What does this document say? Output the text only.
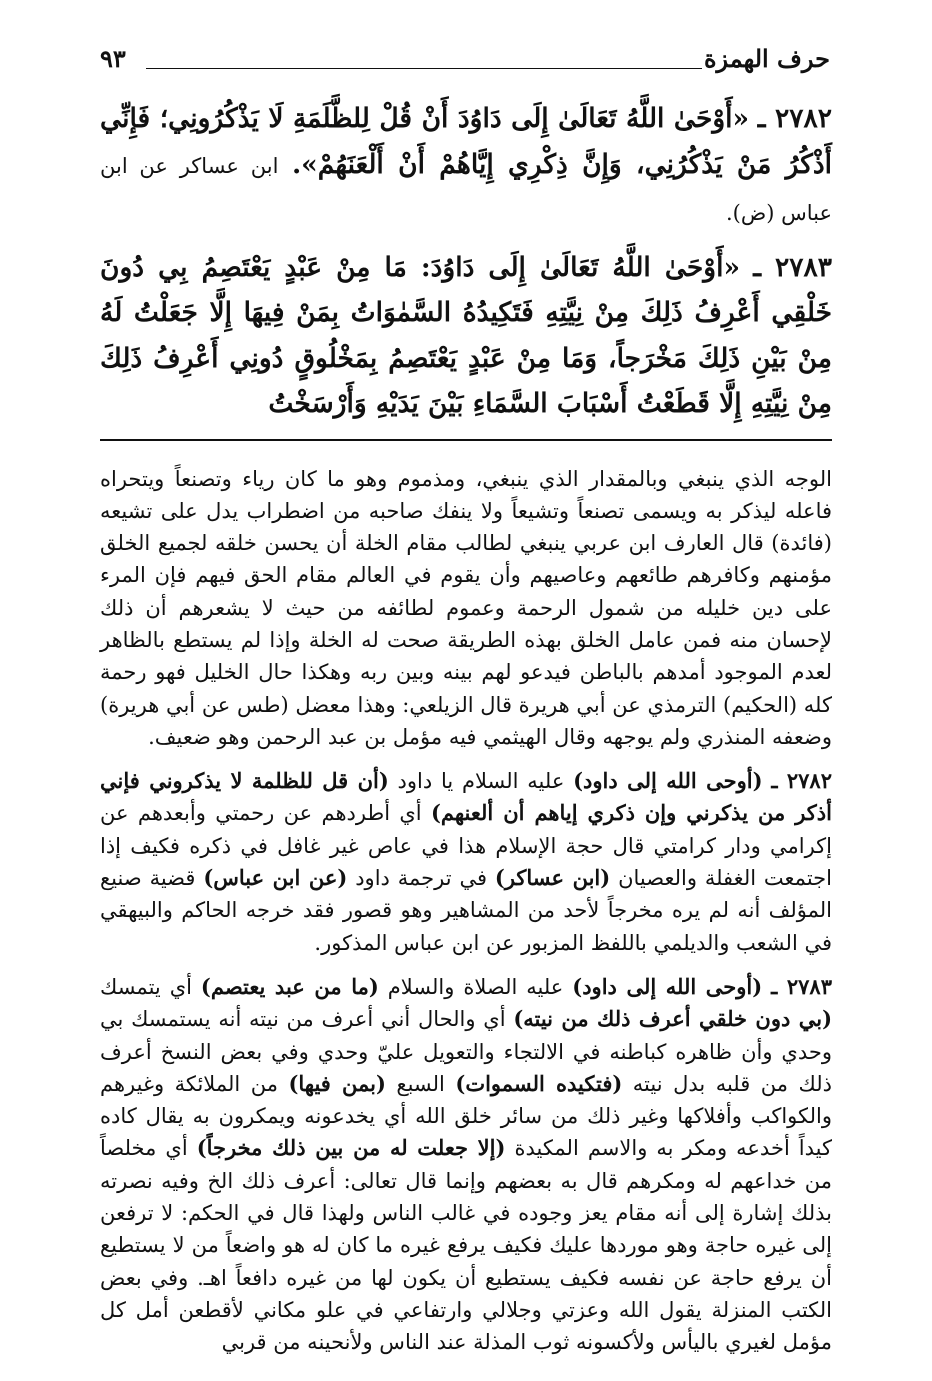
حرف الهمزة
٩٣

٢٧٨٢ ـ «أَوْحَىٰ اللَّهُ تَعَالَىٰ إِلَى دَاوُدَ أَنْ قُلْ لِلظَّلَمَةِ لَا يَذْكُرُونِي؛ فَإِنِّي أَذْكُرُ مَنْ يَذْكُرُنِي، وَإِنَّ ذِكْرِي إِيَّاهُمْ أَنْ أَلْعَنَهُمْ». ابن عساكر عن ابن عباس (ض).

٢٧٨٣ ـ «أَوْحَىٰ اللَّهُ تَعَالَىٰ إِلَى دَاوُدَ: مَا مِنْ عَبْدٍ يَعْتَصِمُ بِي دُونَ خَلْقِي أَعْرِفُ ذَلِكَ مِنْ نِيَّتِهِ فَتَكِيدُهُ السَّمٰوَاتُ بِمَنْ فِيهَا إِلَّا جَعَلْتُ لَهُ مِنْ بَيْنِ ذَلِكَ مَخْرَجاً، وَمَا مِنْ عَبْدٍ يَعْتَصِمُ بِمَخْلُوقٍ دُونِي أَعْرِفُ ذَلِكَ مِنْ نِيَّتِهِ إِلَّا قَطَعْتُ أَسْبَابَ السَّمَاءِ بَيْنَ يَدَيْهِ وَأَرْسَخْتُ

الوجه الذي ينبغي وبالمقدار الذي ينبغي، ومذموم وهو ما كان رياء وتصنعاً ويتحراه فاعله ليذكر به ويسمى تصنعاً وتشيعاً ولا ينفك صاحبه من اضطراب يدل على تشيعه (فائدة) قال العارف ابن عربي ينبغي لطالب مقام الخلة أن يحسن خلقه لجميع الخلق مؤمنهم وكافرهم طائعهم وعاصيهم وأن يقوم في العالم مقام الحق فيهم فإن المرء على دين خليله من شمول الرحمة وعموم لطائفه من حيث لا يشعرهم أن ذلك لإحسان منه فمن عامل الخلق بهذه الطريقة صحت له الخلة وإذا لم يستطع بالظاهر لعدم الموجود أمدهم بالباطن فيدعو لهم بينه وبين ربه وهكذا حال الخليل فهو رحمة كله (الحكيم) الترمذي عن أبي هريرة قال الزيلعي: وهذا معضل (طس عن أبي هريرة) وضعفه المنذري ولم يوجهه وقال الهيثمي فيه مؤمل بن عبد الرحمن وهو ضعيف.

٢٧٨٢ ـ (أوحى الله إلى داود) عليه السلام يا داود (أن قل للظلمة لا يذكروني فإني أذكر من يذكرني وإن ذكري إياهم أن ألعنهم) أي أطردهم عن رحمتي وأبعدهم عن إكرامي ودار كرامتي قال حجة الإسلام هذا في عاص غير غافل في ذكره فكيف إذا اجتمعت الغفلة والعصيان (ابن عساكر) في ترجمة داود (عن ابن عباس) قضية صنيع المؤلف أنه لم يره مخرجاً لأحد من المشاهير وهو قصور فقد خرجه الحاكم والبيهقي في الشعب والديلمي باللفظ المزبور عن ابن عباس المذكور.

٢٧٨٣ ـ (أوحى الله إلى داود) عليه الصلاة والسلام (ما من عبد يعتصم) أي يتمسك (بي دون خلقي أعرف ذلك من نيته) أي والحال أني أعرف من نيته أنه يستمسك بي وحدي وأن ظاهره كباطنه في الالتجاء والتعويل عليّ وحدي وفي بعض النسخ أعرف ذلك من قلبه بدل نيته (فتكيده السموات) السبع (بمن فيها) من الملائكة وغيرهم والكواكب وأفلاكها وغير ذلك من سائر خلق الله أي يخدعونه ويمكرون به يقال كاده كيداً أخدعه ومكر به والاسم المكيدة (إلا جعلت له من بين ذلك مخرجاً) أي مخلصاً من خداعهم له ومكرهم قال به بعضهم وإنما قال تعالى: أعرف ذلك الخ وفيه نصرته بذلك إشارة إلى أنه مقام يعز وجوده في غالب الناس ولهذا قال في الحكم: لا ترفعن إلى غيره حاجة وهو موردها عليك فكيف يرفع غيره ما كان له هو واضعاً من لا يستطيع أن يرفع حاجة عن نفسه فكيف يستطيع أن يكون لها من غيره دافعاً اهـ. وفي بعض الكتب المنزلة يقول الله وعزتي وجلالي وارتفاعي في علو مكاني لأقطعن أمل كل مؤمل لغيري باليأس ولأكسونه ثوب المذلة عند الناس ولأنحينه من قربي
